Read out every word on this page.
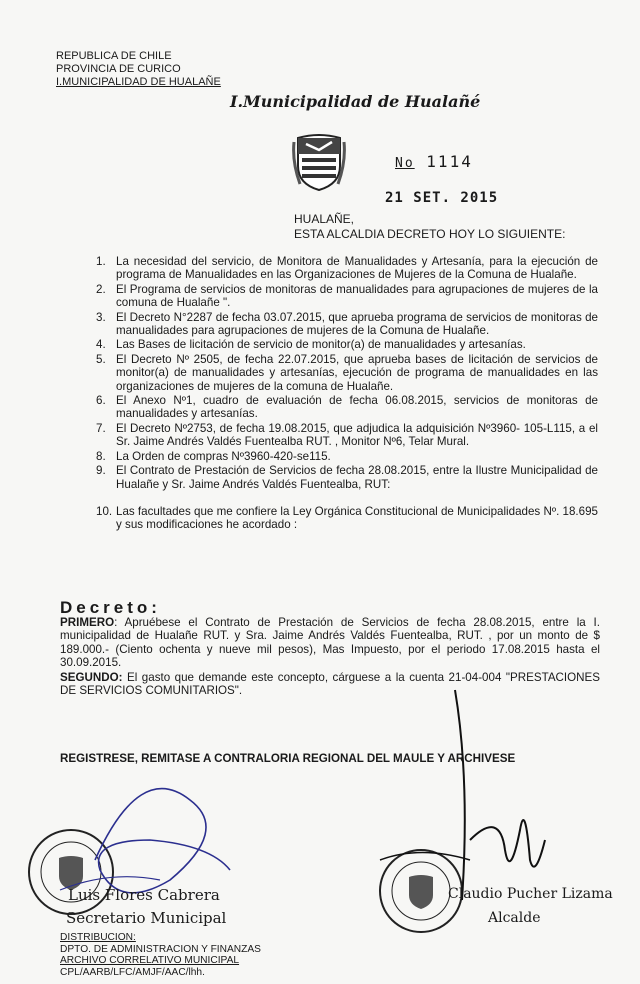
REPUBLICA DE CHILE
PROVINCIA DE CURICO
I.MUNICIPALIDAD DE HUALAÑE
I.Municipalidad de Hualañé
No 1114
21 SET. 2015
HUALAÑE,
ESTA ALCALDIA DECRETO HOY LO SIGUIENTE:
1. La necesidad del servicio, de Monitora de Manualidades y Artesanía, para la ejecución de programa de Manualidades en las Organizaciones de Mujeres de la Comuna de Hualañe.
2. El Programa de servicios de monitoras de manualidades para agrupaciones de mujeres de la comuna de Hualañe ".
3. El Decreto N°2287 de fecha 03.07.2015, que aprueba programa de servicios de monitoras de manualidades para agrupaciones de mujeres de la Comuna de Hualañe.
4. Las Bases de licitación de servicio de monitor(a) de manualidades y artesanías.
5. El Decreto Nº 2505, de fecha 22.07.2015, que aprueba bases de licitación de servicios de monitor(a) de manualidades y artesanías, ejecución de programa de manualidades en las organizaciones de mujeres de la comuna de Hualañe.
6. El Anexo Nº1, cuadro de evaluación de fecha 06.08.2015, servicios de monitoras de manualidades y artesanías.
7. El Decreto Nº2753, de fecha 19.08.2015, que adjudica la adquisición Nº3960- 105-L115, a el Sr. Jaime Andrés Valdés Fuentealba RUT. , Monitor Nº6, Telar Mural.
8. La Orden de compras Nº3960-420-se115.
9. El Contrato de Prestación de Servicios de fecha 28.08.2015, entre la Ilustre Municipalidad de Hualañe y Sr. Jaime Andrés Valdés Fuentealba, RUT:
10. Las facultades que me confiere la Ley Orgánica Constitucional de Municipalidades Nº. 18.695 y sus modificaciones he acordado :
Decreto:

PRIMERO: Apruébese el Contrato de Prestación de Servicios de fecha 28.08.2015, entre la I. municipalidad de Hualañe RUT. y Sra. Jaime Andrés Valdés Fuentealba, RUT. , por un monto de $ 189.000.- (Ciento ochenta y nueve mil pesos), Mas Impuesto, por el periodo 17.08.2015 hasta el 30.09.2015.

SEGUNDO: El gasto que demande este concepto, cárguese a la cuenta 21-04-004 "PRESTACIONES DE SERVICIOS COMUNITARIOS".

REGISTRESE, REMITASE A CONTRALORIA REGIONAL DEL MAULE Y ARCHIVESE
Luis Flores Cabrera
Secretario Municipal
Claudio Pucher Lizama
Alcalde
DISTRIBUCION:
DPTO. DE ADMINISTRACION Y FINANZAS
ARCHIVO CORRELATIVO MUNICIPAL
CPL/AARB/LFC/AMJF/AAC/lhh.
